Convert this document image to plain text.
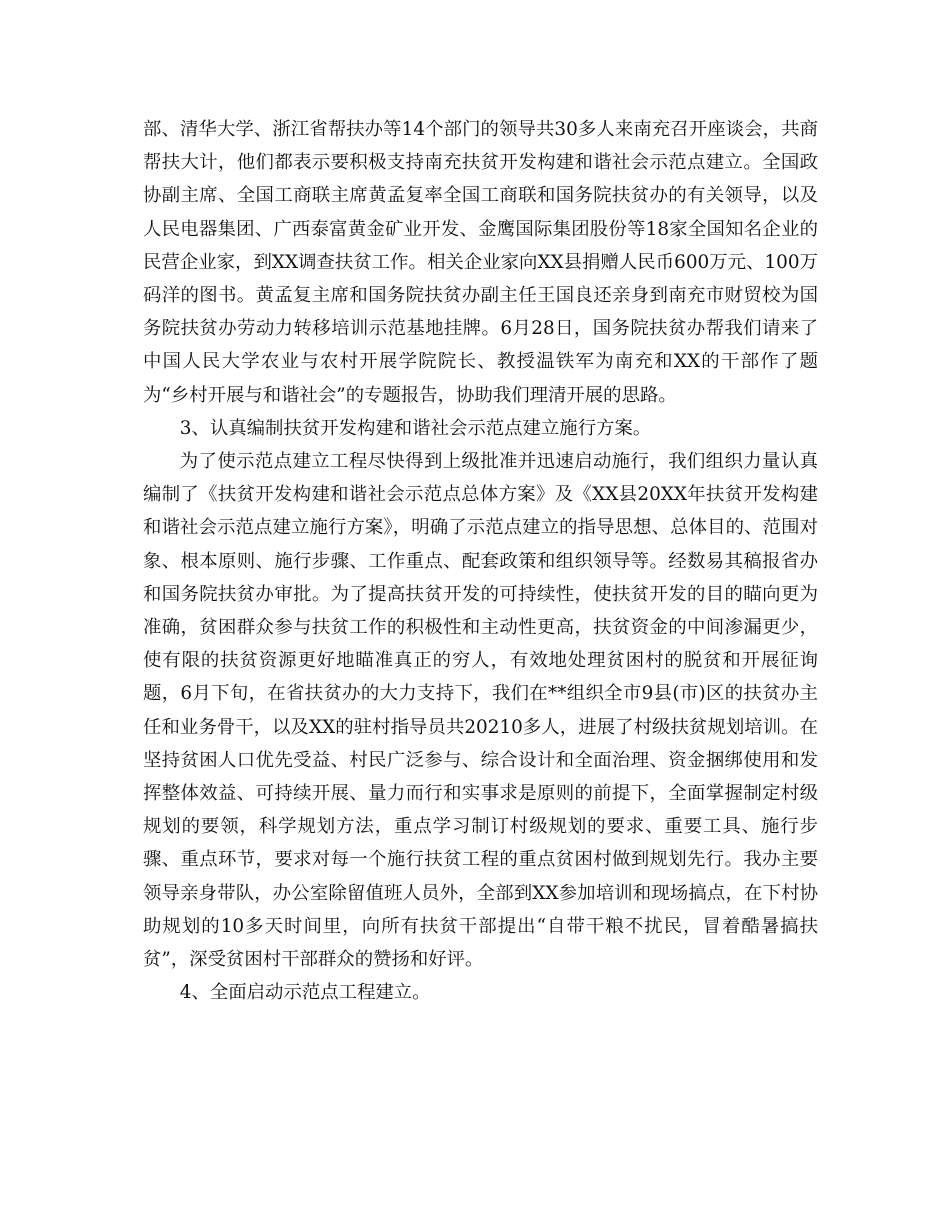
部、清华大学、浙江省帮扶办等14个部门的领导共30多人来南充召开座谈会，共商帮扶大计，他们都表示要积极支持南充扶贫开发构建和谐社会示范点建立。全国政协副主席、全国工商联主席黄孟复率全国工商联和国务院扶贫办的有关领导，以及人民电器集团、广西泰富黄金矿业开发、金鹰国际集团股份等18家全国知名企业的民营企业家，到XX调查扶贫工作。相关企业家向XX县捐赠人民币600万元、100万码洋的图书。黄孟复主席和国务院扶贫办副主任王国良还亲身到南充市财贸校为国务院扶贫办劳动力转移培训示范基地挂牌。6月28日，国务院扶贫办帮我们请来了中国人民大学农业与农村开展学院院长、教授温铁军为南充和XX的干部作了题为“乡村开展与和谐社会”的专题报告，协助我们理清开展的思路。

3、认真编制扶贫开发构建和谐社会示范点建立施行方案。

为了使示范点建立工程尽快得到上级批准并迅速启动施行，我们组织力量认真编制了《扶贫开发构建和谐社会示范点总体方案》及《XX县20XX年扶贫开发构建和谐社会示范点建立施行方案》，明确了示范点建立的指导思想、总体目的、范围对象、根本原则、施行步骤、工作重点、配套政策和组织领导等。经数易其稿报省办和国务院扶贫办审批。为了提高扶贫开发的可持续性，使扶贫开发的目的瞄向更为准确，贫困群众参与扶贫工作的积极性和主动性更高，扶贫资金的中间渗漏更少，使有限的扶贫资源更好地瞄准真正的穷人，有效地处理贫困村的脱贫和开展征询题，6月下旬，在省扶贫办的大力支持下，我们在**组织全市9县(市)区的扶贫办主任和业务骨干，以及XX的驻村指导员共20210多人，进展了村级扶贫规划培训。在坚持贫困人口优先受益、村民广泛参与、综合设计和全面治理、资金捆绑使用和发挥整体效益、可持续开展、量力而行和实事求是原则的前提下，全面掌握制定村级规划的要领，科学规划方法，重点学习制订村级规划的要求、重要工具、施行步骤、重点环节，要求对每一个施行扶贫工程的重点贫困村做到规划先行。我办主要领导亲身带队，办公室除留值班人员外，全部到XX参加培训和现场搞点，在下村协助规划的10多天时间里，向所有扶贫干部提出“自带干粮不扰民，冒着酷暑搞扶贫”，深受贫困村干部群众的赞扬和好评。

4、全面启动示范点工程建立。
